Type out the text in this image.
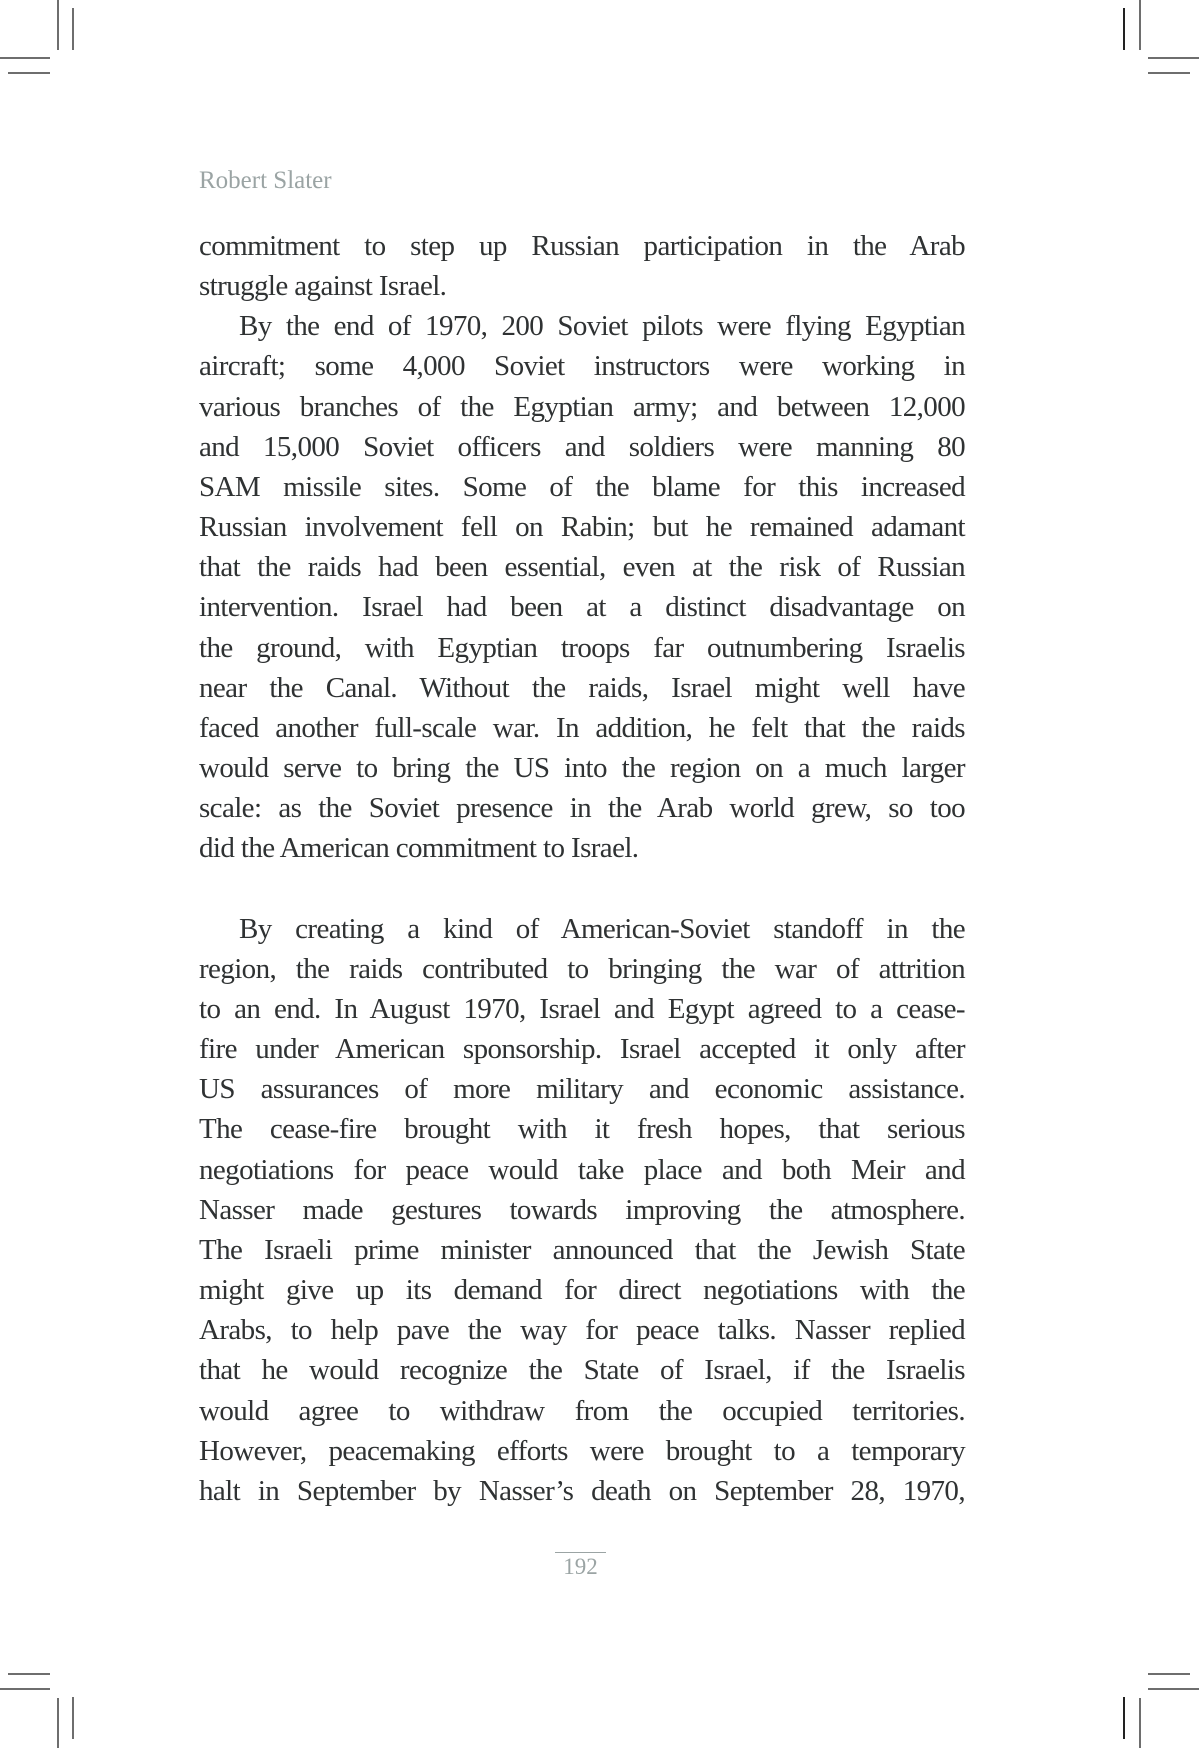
Robert Slater
commitment to step up Russian participation in the Arab
struggle against Israel.
By the end of 1970, 200 Soviet pilots were flying Egyptian
aircraft; some 4,000 Soviet instructors were working in
various branches of the Egyptian army; and between 12,000
and 15,000 Soviet officers and soldiers were manning 80
SAM missile sites. Some of the blame for this increased
Russian involvement fell on Rabin; but he remained adamant
that the raids had been essential, even at the risk of Russian
intervention. Israel had been at a distinct disadvantage on
the ground, with Egyptian troops far outnumbering Israelis
near the Canal. Without the raids, Israel might well have
faced another full-scale war. In addition, he felt that the raids
would serve to bring the US into the region on a much larger
scale: as the Soviet presence in the Arab world grew, so too
did the American commitment to Israel.
By creating a kind of American-Soviet standoff in the
region, the raids contributed to bringing the war of attrition
to an end. In August 1970, Israel and Egypt agreed to a cease-
fire under American sponsorship. Israel accepted it only after
US assurances of more military and economic assistance.
The cease-fire brought with it fresh hopes, that serious
negotiations for peace would take place and both Meir and
Nasser made gestures towards improving the atmosphere.
The Israeli prime minister announced that the Jewish State
might give up its demand for direct negotiations with the
Arabs, to help pave the way for peace talks. Nasser replied
that he would recognize the State of Israel, if the Israelis
would agree to withdraw from the occupied territories.
However, peacemaking efforts were brought to a temporary
halt in September by Nasser’s death on September 28, 1970,
192
